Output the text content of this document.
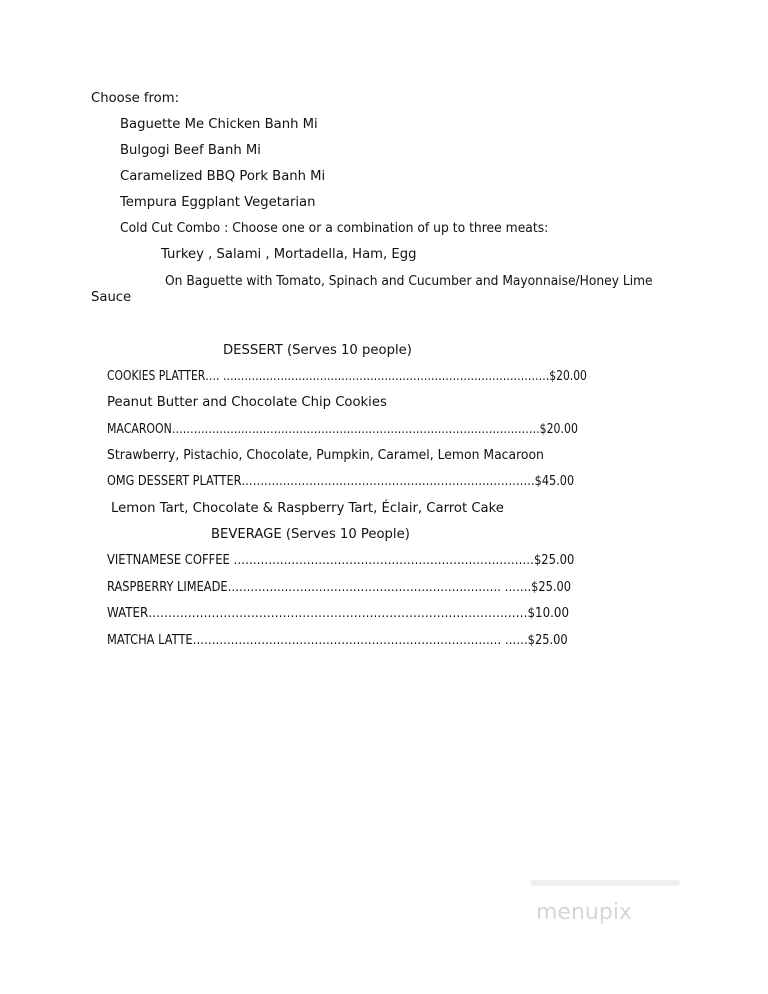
Choose from:
Baguette Me Chicken Banh Mi
Bulgogi Beef Banh Mi
Caramelized BBQ Pork Banh Mi
Tempura Eggplant Vegetarian
Cold Cut Combo : Choose one or a combination of up to three meats:
Turkey , Salami , Mortadella, Ham, Egg
On Baguette with Tomato, Spinach and Cucumber and Mayonnaise/Honey Lime
Sauce
DESSERT (Serves 10 people)
COOKIES PLATTER…. ……………………………………………………………………………….$20.00
Peanut Butter and Chocolate Chip Cookies
MACAROON……………….……………………………………………………………………….$20.00
Strawberry, Pistachio, Chocolate, Pumpkin, Caramel, Lemon Macaroon
OMG DESSERT PLATTER……………………………………………………………………$45.00
Lemon Tart, Chocolate & Raspberry Tart, Éclair, Carrot Cake
BEVERAGE (Serves 10 People)
VIETNAMESE COFFEE ……………………………………………………………………$25.00
RASPBERRY LIMEADE……………………………………………………………… …….$25.00
WATER……………………………………………………………………………………$10.00
MATCHA LATTE……………………………………………………………………… ……$25.00
menupix
